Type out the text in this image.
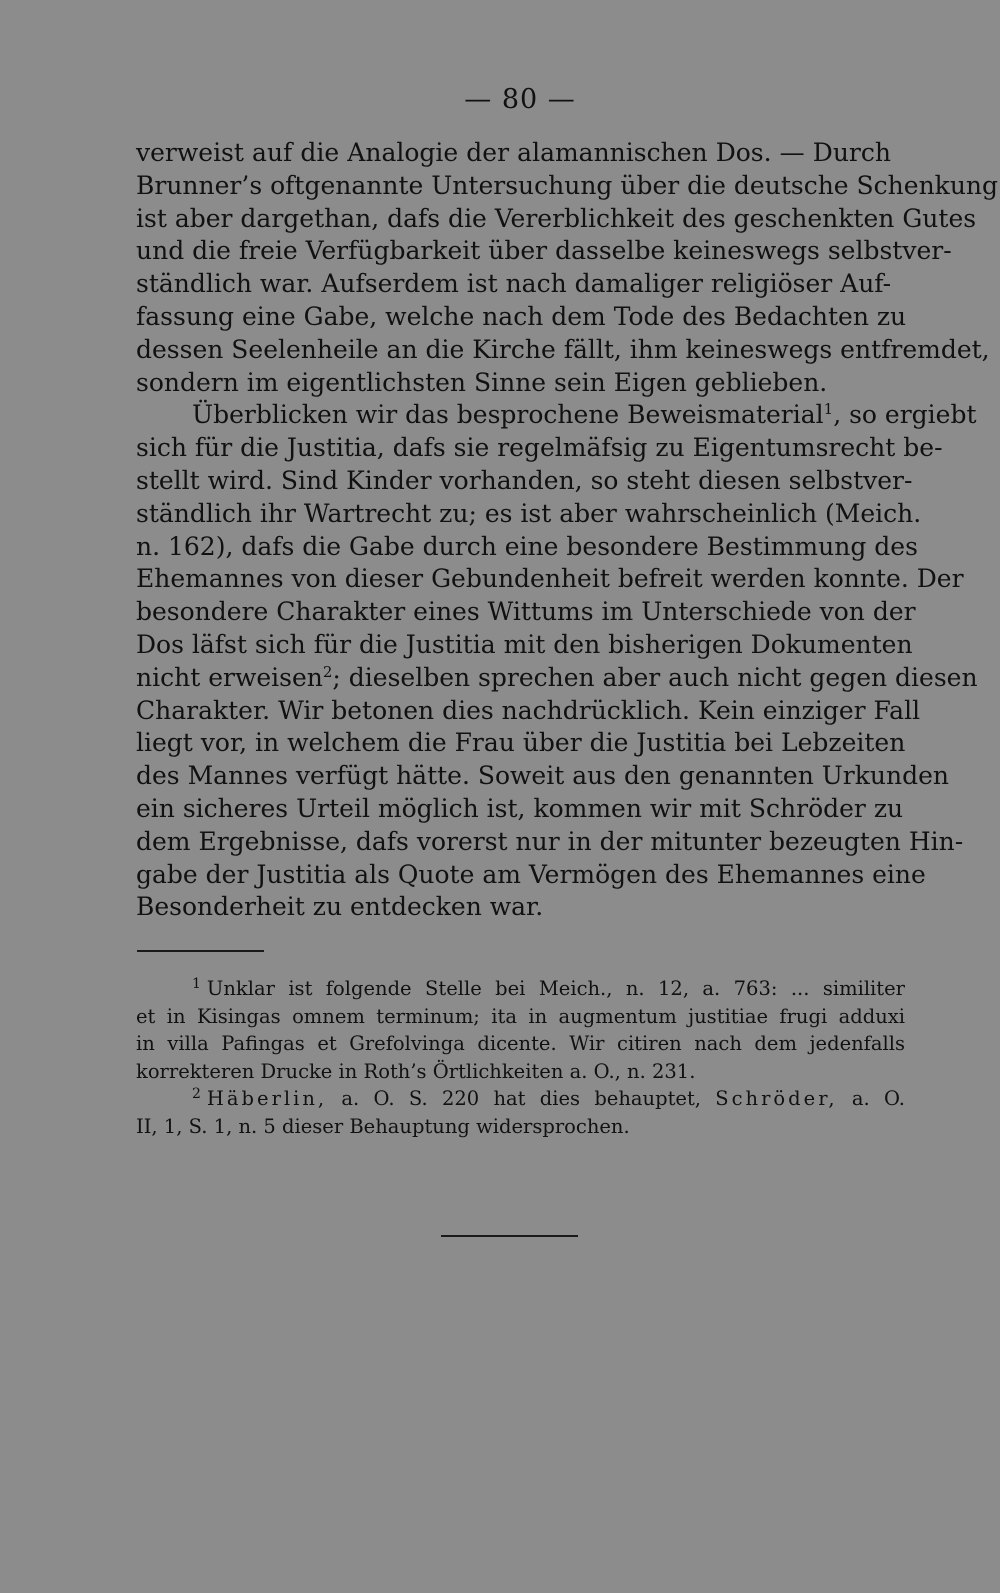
— 80 —

verweist auf die Analogie der alamannischen Dos. — Durch
Brunner’s oftgenannte Untersuchung über die deutsche Schenkung
ist aber dargethan, dafs die Vererblichkeit des geschenkten Gutes
und die freie Verfügbarkeit über dasselbe keineswegs selbstver-
ständlich war. Aufserdem ist nach damaliger religiöser Auf-
fassung eine Gabe, welche nach dem Tode des Bedachten zu
dessen Seelenheile an die Kirche fällt, ihm keineswegs entfremdet,
sondern im eigentlichsten Sinne sein Eigen geblieben.

Überblicken wir das besprochene Beweismaterial$^1$, so ergiebt
sich für die Justitia, dafs sie regelmäfsig zu Eigentumsrecht be-
stellt wird. Sind Kinder vorhanden, so steht diesen selbstver-
ständlich ihr Wartrecht zu; es ist aber wahrscheinlich (Meich.
n. 162), dafs die Gabe durch eine besondere Bestimmung des
Ehemannes von dieser Gebundenheit befreit werden konnte. Der
besondere Charakter eines Wittums im Unterschiede von der
Dos läfst sich für die Justitia mit den bisherigen Dokumenten
nicht erweisen$^2$; dieselben sprechen aber auch nicht gegen diesen
Charakter. Wir betonen dies nachdrücklich. Kein einziger Fall
liegt vor, in welchem die Frau über die Justitia bei Lebzeiten
des Mannes verfügt hätte. Soweit aus den genannten Urkunden
ein sicheres Urteil möglich ist, kommen wir mit Schröder zu
dem Ergebnisse, dafs vorerst nur in der mitunter bezeugten Hin-
gabe der Justitia als Quote am Vermögen des Ehemannes eine
Besonderheit zu entdecken war.

$^1$ Unklar ist folgende Stelle bei Meich., n. 12, a. 763: ... similiter
et in Kisingas omnem terminum; ita in augmentum justitiae frugi adduxi
in villa Pafingas et Grefolvinga dicente. Wir citiren nach dem jedenfalls
korrekteren Drucke in Roth’s Örtlichkeiten a. O., n. 231.
$^2$ Häberlin, a. O. S. 220 hat dies behauptet, Schröder, a. O.
II, 1, S. 1, n. 5 dieser Behauptung widersprochen.
